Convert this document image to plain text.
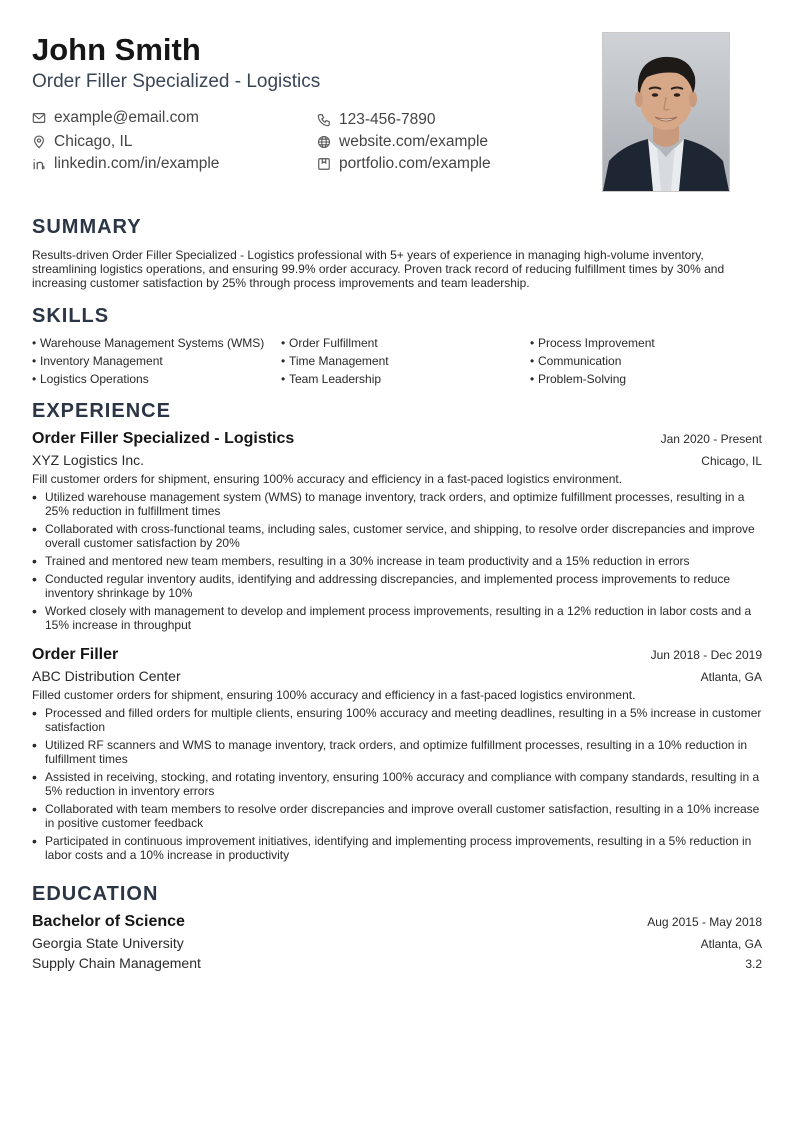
John Smith
Order Filler Specialized - Logistics
example@email.com	123-456-7890
Chicago, IL	website.com/example
linkedin.com/in/example	portfolio.com/example
SUMMARY
Results-driven Order Filler Specialized - Logistics professional with 5+ years of experience in managing high-volume inventory, streamlining logistics operations, and ensuring 99.9% order accuracy. Proven track record of reducing fulfillment times by 30% and increasing customer satisfaction by 25% through process improvements and team leadership.
SKILLS
• Warehouse Management Systems (WMS)
• Inventory Management
• Logistics Operations
• Order Fulfillment
• Time Management
• Team Leadership
• Process Improvement
• Communication
• Problem-Solving
EXPERIENCE
Order Filler Specialized - Logistics	Jan 2020 - Present
XYZ Logistics Inc.	Chicago, IL
Fill customer orders for shipment, ensuring 100% accuracy and efficiency in a fast-paced logistics environment.
• Utilized warehouse management system (WMS) to manage inventory, track orders, and optimize fulfillment processes, resulting in a 25% reduction in fulfillment times
• Collaborated with cross-functional teams, including sales, customer service, and shipping, to resolve order discrepancies and improve overall customer satisfaction by 20%
• Trained and mentored new team members, resulting in a 30% increase in team productivity and a 15% reduction in errors
• Conducted regular inventory audits, identifying and addressing discrepancies, and implemented process improvements to reduce inventory shrinkage by 10%
• Worked closely with management to develop and implement process improvements, resulting in a 12% reduction in labor costs and a 15% increase in throughput
Order Filler	Jun 2018 - Dec 2019
ABC Distribution Center	Atlanta, GA
Filled customer orders for shipment, ensuring 100% accuracy and efficiency in a fast-paced logistics environment.
• Processed and filled orders for multiple clients, ensuring 100% accuracy and meeting deadlines, resulting in a 5% increase in customer satisfaction
• Utilized RF scanners and WMS to manage inventory, track orders, and optimize fulfillment processes, resulting in a 10% reduction in fulfillment times
• Assisted in receiving, stocking, and rotating inventory, ensuring 100% accuracy and compliance with company standards, resulting in a 5% reduction in inventory errors
• Collaborated with team members to resolve order discrepancies and improve overall customer satisfaction, resulting in a 10% increase in positive customer feedback
• Participated in continuous improvement initiatives, identifying and implementing process improvements, resulting in a 5% reduction in labor costs and a 10% increase in productivity
EDUCATION
Bachelor of Science	Aug 2015 - May 2018
Georgia State University	Atlanta, GA
Supply Chain Management	3.2
